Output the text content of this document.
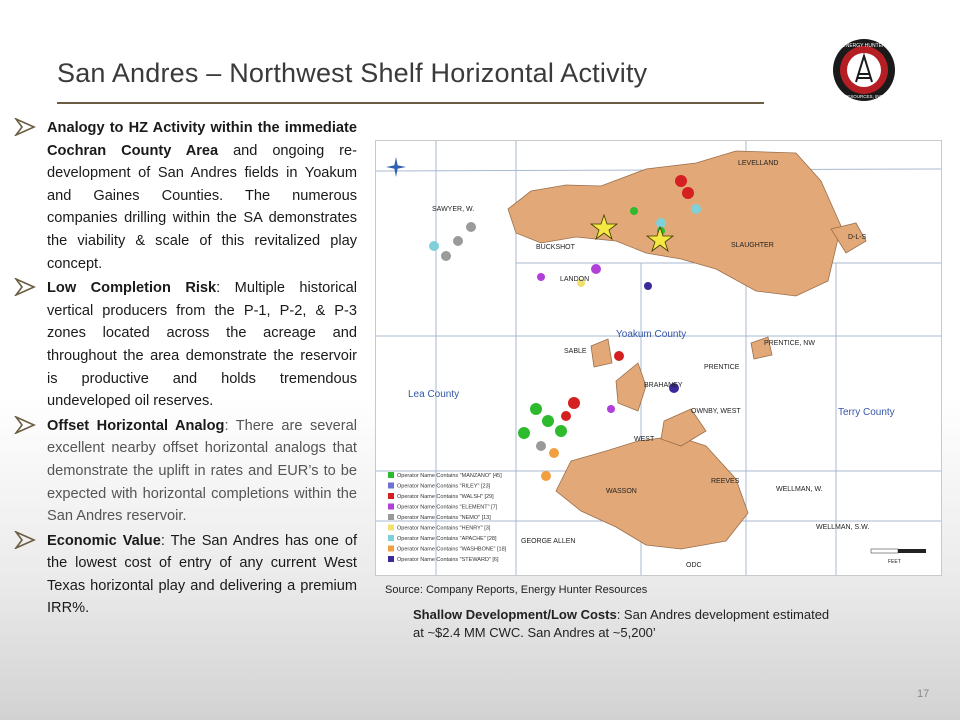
San Andres – Northwest Shelf Horizontal Activity
ENERGY HUNTER
RESOURCES, INC.

Analogy to HZ Activity within the immediate Cochran County Area and ongoing re-development of San Andres fields in Yoakum and Gaines Counties. The numerous companies drilling within the SA demonstrates the viability & scale of this revitalized play concept.

Low Completion Risk: Multiple historical vertical producers from the P-1, P-2, & P-3 zones located across the acreage and throughout the area demonstrate the reservoir is productive and holds tremendous undeveloped oil reserves.

Offset Horizontal Analog: There are several excellent nearby offset horizontal analogs that demonstrate the uplift in rates and EUR’s to be expected with horizontal completions within the San Andres reservoir.

Economic Value: The San Andres has one of the lowest cost of entry of any current West Texas horizontal play and delivering a premium IRR%.

LEVELLAND
SAWYER, W.
BUCKSHOT	SLAUGHTER
LANDON
D-L-S
SABLE
PRENTICE, NW
PRENTICE
BRAHANEY
OWNBY, WEST
WEST
REEVES
WASSON	WELLMAN, W.
WELLMAN, S.W.
GEORGE ALLEN
ODC
Yoakum County
Lea County
Terry County
Operator Name Contains "MANZANO" [45]
Operator Name Contains "RILEY" [23]
Operator Name Contains "WALSH" [29]
Operator Name Contains "ELEMENT" [7]
Operator Name Contains "NEMO" [13]
Operator Name Contains "HENRY" [3]
Operator Name Contains "APACHE" [28]
Operator Name Contains "WASHBONE" [18]
Operator Name Contains "STEWARD" [6]	FEET
Source: Company Reports, Energy Hunter Resources
Shallow Development/Low Costs: San Andres development estimated at ~$2.4 MM CWC. San Andres at ~5,200’
17
